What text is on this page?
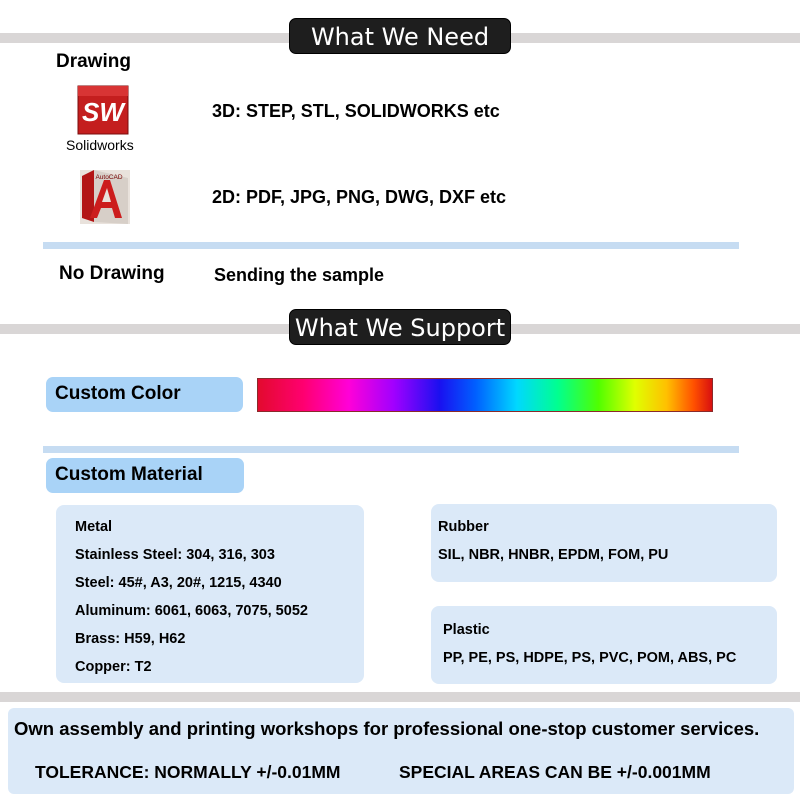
What We Need
Drawing
SW
Solidworks
AutoCAD
3D: STEP, STL, SOLIDWORKS etc
2D: PDF, JPG, PNG, DWG, DXF etc
No Drawing	Sending the sample
What We Support
Custom Color
Custom Material
Metal
Stainless Steel: 304, 316, 303
Steel: 45#, A3, 20#, 1215, 4340
Aluminum: 6061, 6063, 7075, 5052
Brass: H59, H62
Copper: T2
Rubber
SIL, NBR, HNBR, EPDM, FOM, PU
Plastic
PP, PE, PS, HDPE, PS, PVC, POM, ABS, PC
Own assembly and printing workshops for professional one-stop customer services.
TOLERANCE: NORMALLY +/-0.01MM	SPECIAL AREAS CAN BE +/-0.001MM
